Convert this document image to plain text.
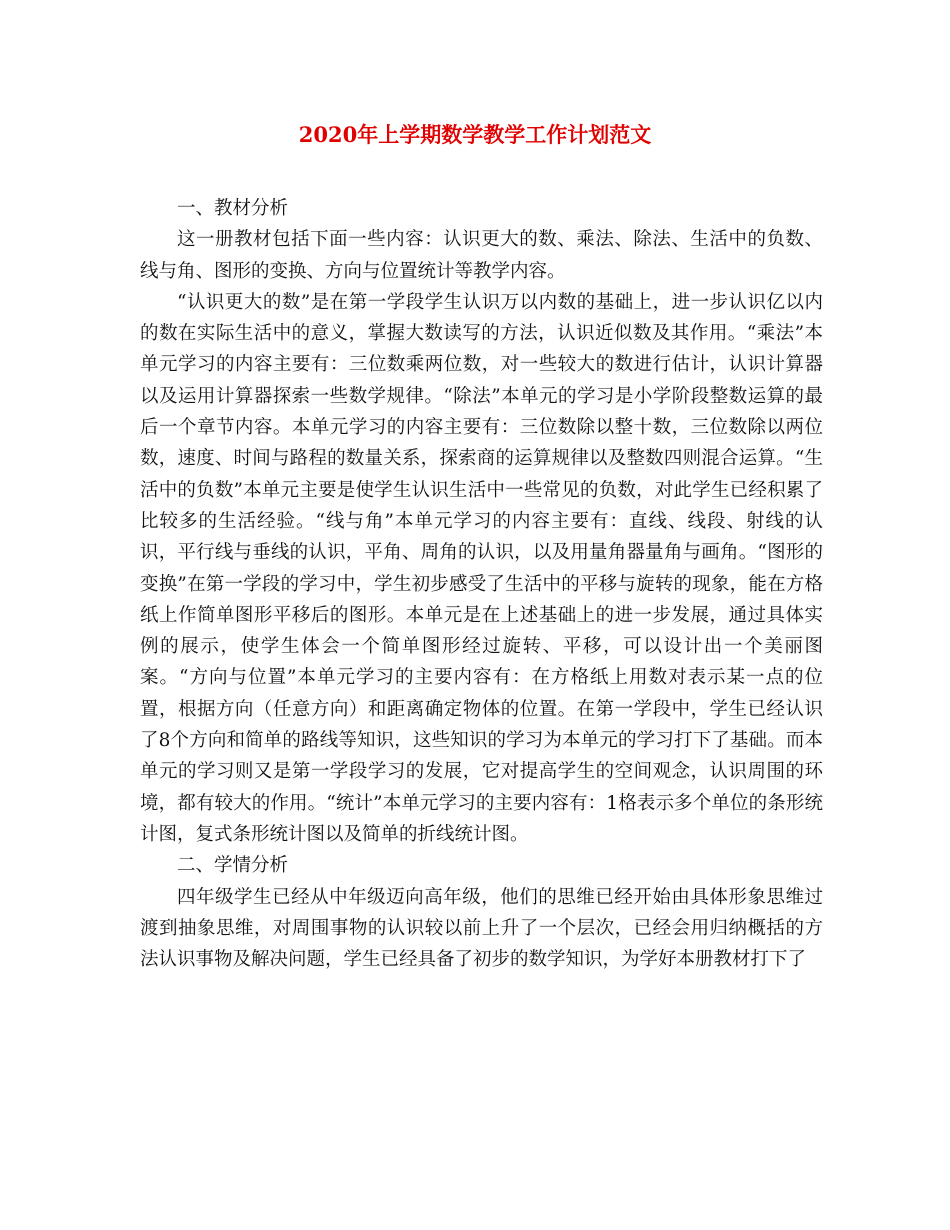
2020年上学期数学教学工作计划范文

一、教材分析

这一册教材包括下面一些内容：认识更大的数、乘法、除法、生活中的负数、线与角、图形的变换、方向与位置统计等教学内容。

“认识更大的数”是在第一学段学生认识万以内数的基础上，进一步认识亿以内的数在实际生活中的意义，掌握大数读写的方法，认识近似数及其作用。“乘法”本单元学习的内容主要有：三位数乘两位数，对一些较大的数进行估计，认识计算器以及运用计算器探索一些数学规律。“除法”本单元的学习是小学阶段整数运算的最后一个章节内容。本单元学习的内容主要有：三位数除以整十数，三位数除以两位数，速度、时间与路程的数量关系，探索商的运算规律以及整数四则混合运算。“生活中的负数”本单元主要是使学生认识生活中一些常见的负数，对此学生已经积累了比较多的生活经验。“线与角”本单元学习的内容主要有：直线、线段、射线的认识，平行线与垂线的认识，平角、周角的认识，以及用量角器量角与画角。“图形的变换”在第一学段的学习中，学生初步感受了生活中的平移与旋转的现象，能在方格纸上作简单图形平移后的图形。本单元是在上述基础上的进一步发展，通过具体实例的展示，使学生体会一个简单图形经过旋转、平移，可以设计出一个美丽图案。“方向与位置”本单元学习的主要内容有：在方格纸上用数对表示某一点的位置，根据方向（任意方向）和距离确定物体的位置。在第一学段中，学生已经认识了8个方向和简单的路线等知识，这些知识的学习为本单元的学习打下了基础。而本单元的学习则又是第一学段学习的发展，它对提高学生的空间观念，认识周围的环境，都有较大的作用。“统计”本单元学习的主要内容有：1格表示多个单位的条形统计图，复式条形统计图以及简单的折线统计图。

二、学情分析

四年级学生已经从中年级迈向高年级，他们的思维已经开始由具体形象思维过渡到抽象思维，对周围事物的认识较以前上升了一个层次，已经会用归纳概括的方法认识事物及解决问题，学生已经具备了初步的数学知识，为学好本册教材打下了
